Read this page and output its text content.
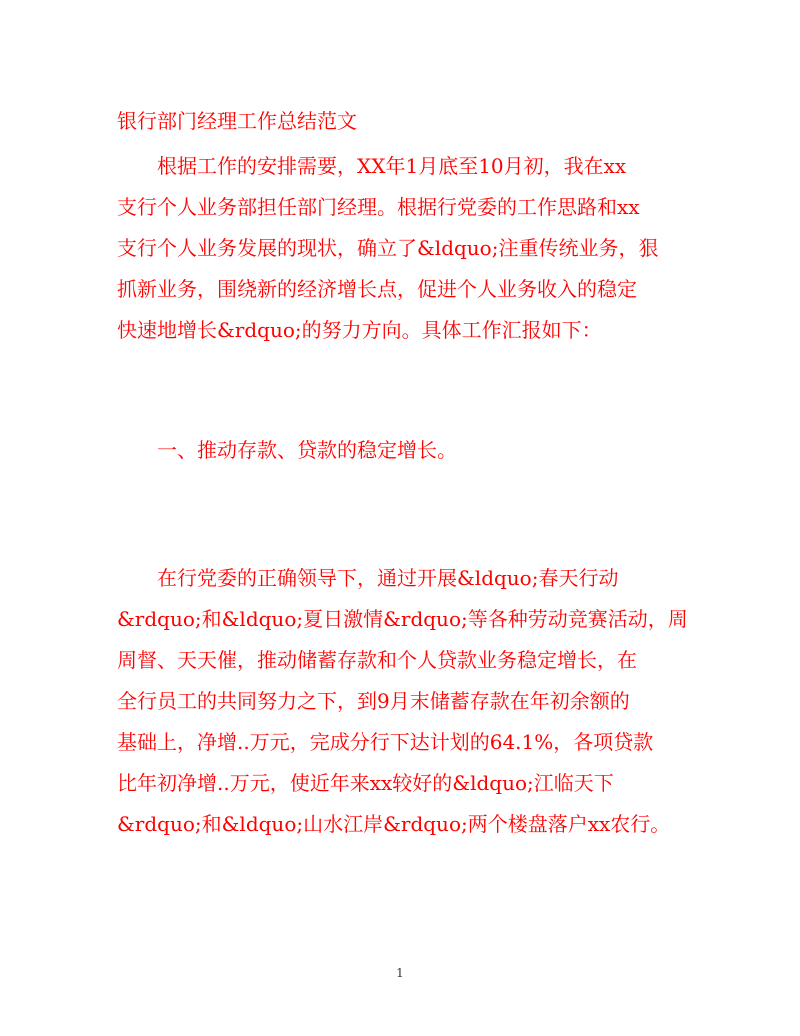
银行部门经理工作总结范文
根据工作的安排需要，XX年1月底至10月初，我在xx
支行个人业务部担任部门经理。根据行党委的工作思路和xx
支行个人业务发展的现状，确立了&ldquo;注重传统业务，狠
抓新业务，围绕新的经济增长点，促进个人业务收入的稳定
快速地增长&rdquo;的努力方向。具体工作汇报如下：
一、推动存款、贷款的稳定增长。
在行党委的正确领导下，通过开展&ldquo;春天行动
&rdquo;和&ldquo;夏日激情&rdquo;等各种劳动竞赛活动，周
周督、天天催，推动储蓄存款和个人贷款业务稳定增长，在
全行员工的共同努力之下，到9月末储蓄存款在年初余额的
基础上，净增..万元，完成分行下达计划的64.1%，各项贷款
比年初净增..万元，使近年来xx较好的&ldquo;江临天下
&rdquo;和&ldquo;山水江岸&rdquo;两个楼盘落户xx农行。
1
